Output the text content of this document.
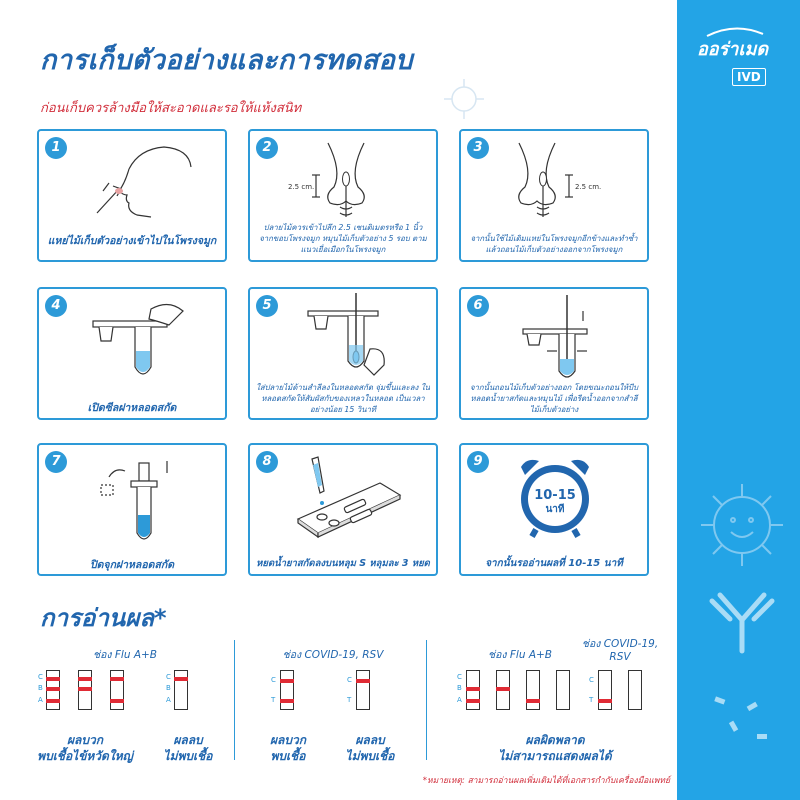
ออร่าเมด
IVD
การเก็บตัวอย่างและการทดสอบ
ก่อนเก็บควรล้างมือให้สะอาดและรอให้แห้งสนิท
1
แหย่ไม้เก็บตัวอย่างเข้าไปในโพรงจมูก
2.5 cm.
2
ปลายไม้ควรเข้าไปลึก 2.5 เซนติเมตรหรือ 1 นิ้ว จากขอบโพรงจมูก หมุนไม้เก็บตัวอย่าง 5 รอบ ตามแนวเยื่อเมือกในโพรงจมูก
2.5 cm.
3
จากนั้นใช้ไม้เดิมแหย่ในโพรงจมูกอีกข้างและทำซ้ำ แล้วถอนไม้เก็บตัวอย่างออกจากโพรงจมูก
4
เปิดซีลฝาหลอดสกัด
5
ใส่ปลายไม้ด้านสำลีลงในหลอดสกัด จุ่มขึ้นและลง ในหลอดสกัดให้สัมผัสกับของเหลวในหลอด เป็นเวลาอย่างน้อย 15 วินาที
6
จากนั้นถอนไม้เก็บตัวอย่างออก โดยขณะถอนให้บีบหลอดน้ำยาสกัดและหมุนไม้ เพื่อรีดน้ำออกจากสำลีไม้เก็บตัวอย่าง
7
ปิดจุกฝาหลอดสกัด
8
หยดน้ำยาสกัดลงบนหลุม S หลุมละ 3 หยด
10-15
นาที
9
จากนั้นรออ่านผลที่ 10-15 นาที
การอ่านผล*
ช่อง Flu A+B
C
B
A
C
B
A
ผลบวก
พบเชื้อไข้หวัดใหญ่
ผลลบ
ไม่พบเชื้อ
ช่อง COVID-19, RSV
C
T
C
T
ผลบวก
พบเชื้อ
ผลลบ
ไม่พบเชื้อ
ช่อง Flu A+B
ช่อง COVID-19,
RSV
C
B
A
C
T
ผลผิดพลาด
ไม่สามารถแสดงผลได้
*หมายเหตุ: สามารถอ่านผลเพิ่มเติมได้ที่เอกสารกำกับเครื่องมือแพทย์
